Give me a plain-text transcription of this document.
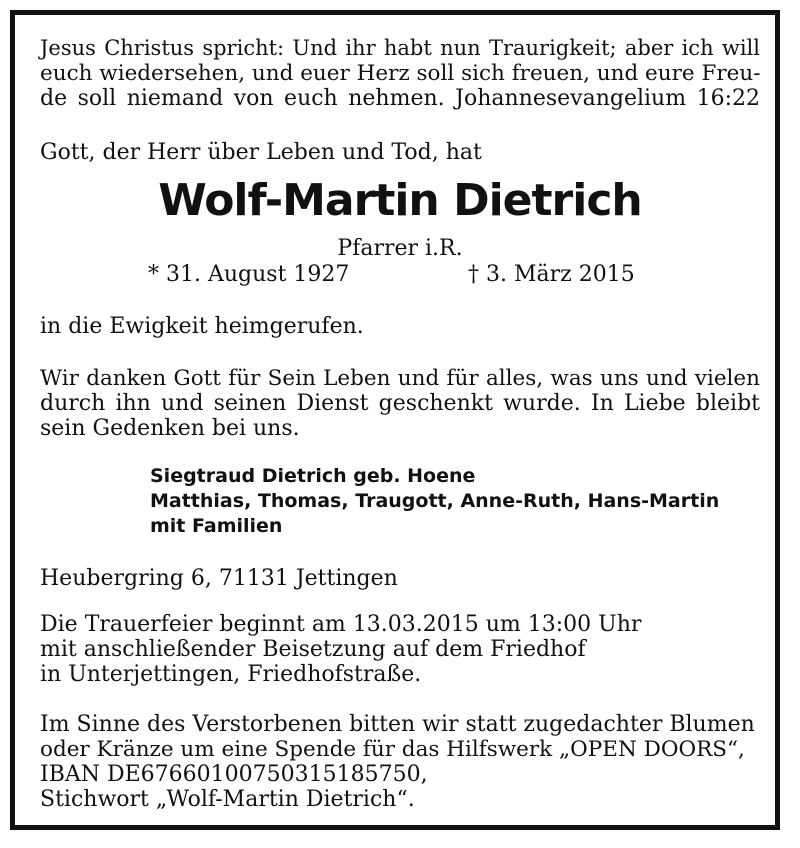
Jesus Christus spricht: Und ihr habt nun Traurigkeit; aber ich will
euch wiedersehen, und euer Herz soll sich freuen, und eure Freu-
de soll niemand von euch nehmen. Johannesevangelium 16:22
Gott, der Herr über Leben und Tod, hat
Wolf-Martin Dietrich
Pfarrer i.R.
* 31. August 1927	† 3. März 2015
in die Ewigkeit heimgerufen.
Wir danken Gott für Sein Leben und für alles, was uns und vielen
durch ihn und seinen Dienst geschenkt wurde. In Liebe bleibt
sein Gedenken bei uns.
Siegtraud Dietrich geb. Hoene
Matthias, Thomas, Traugott, Anne-Ruth, Hans-Martin
mit Familien
Heubergring 6, 71131 Jettingen
Die Trauerfeier beginnt am 13.03.2015 um 13:00 Uhr
mit anschließender Beisetzung auf dem Friedhof
in Unterjettingen, Friedhofstraße.
Im Sinne des Verstorbenen bitten wir statt zugedachter Blumen
oder Kränze um eine Spende für das Hilfswerk „OPEN DOORS“,
IBAN DE67660100750315185750,
Stichwort „Wolf-Martin Dietrich“.
